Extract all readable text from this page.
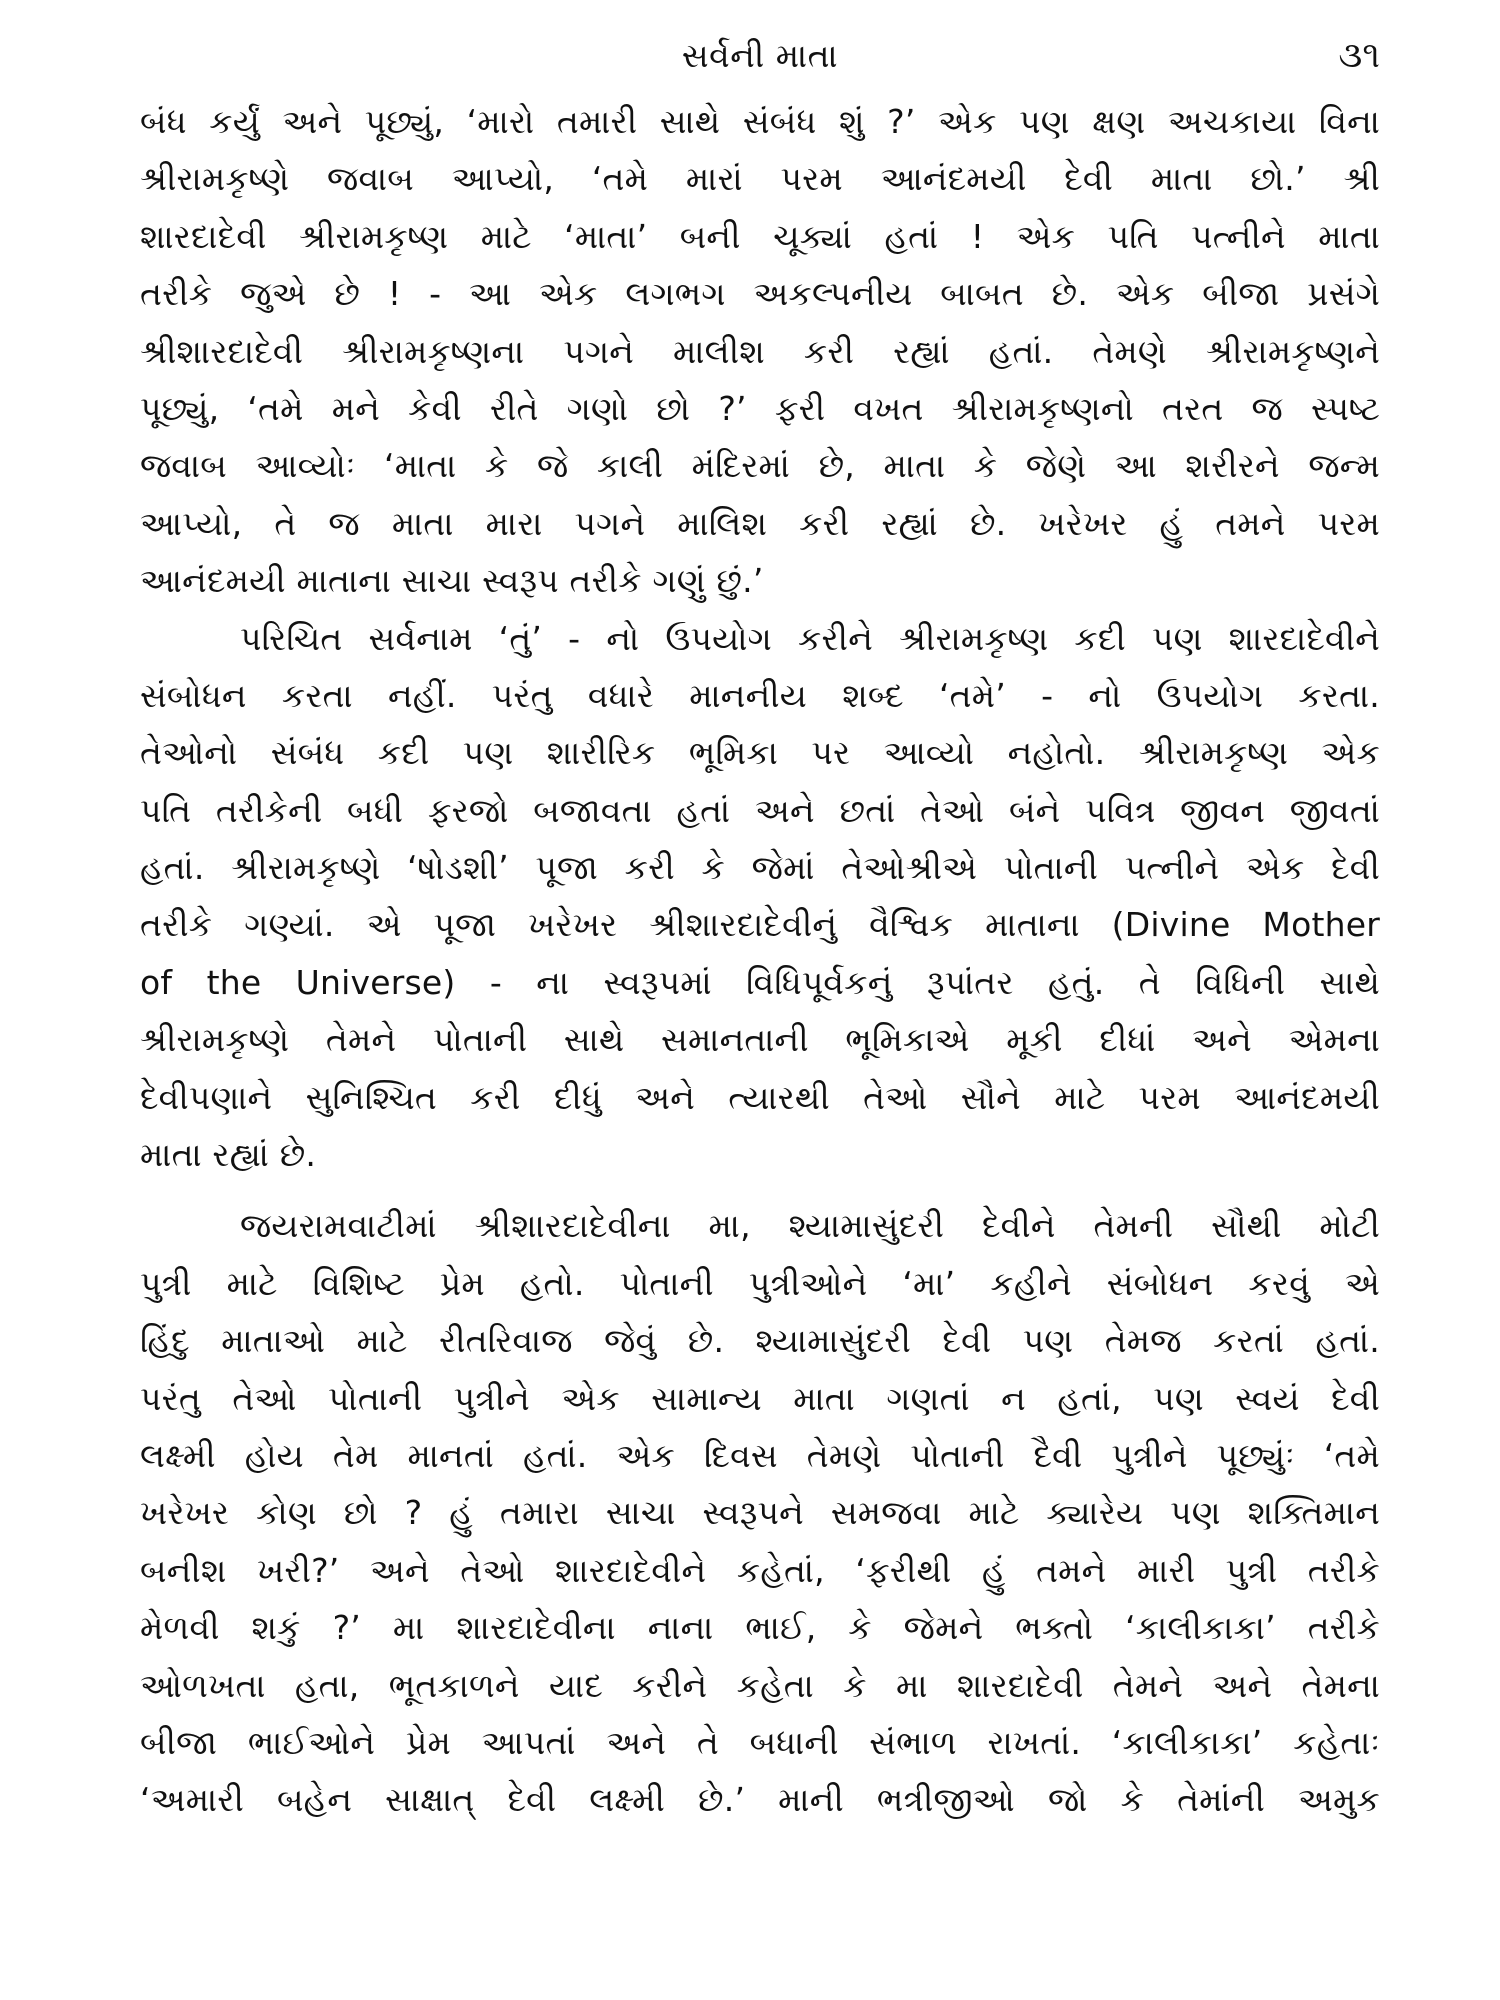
સર્વની માતા	૩૧
બંધ કર્યું અને પૂછ્યું, ‘મારો તમારી સાથે સંબંધ શું ?’ એક પણ ક્ષણ અચકાયા વિના
શ્રીરામકૃષ્ણે જવાબ આપ્યો, ‘તમે મારાં પરમ આનંદમયી દેવી માતા છો.’ શ્રી
શારદાદેવી શ્રીરામકૃષ્ણ માટે ‘માતા’ બની ચૂક્યાં હતાં ! એક પતિ પત્નીને માતા
તરીકે જુએ છે ! - આ એક લગભગ અકલ્પનીય બાબત છે. એક બીજા પ્રસંગે
શ્રીશારદાદેવી શ્રીરામકૃષ્ણના પગને માલીશ કરી રહ્યાં હતાં. તેમણે શ્રીરામકૃષ્ણને
પૂછ્યું, ‘તમે મને કેવી રીતે ગણો છો ?’ ફરી વખત શ્રીરામકૃષ્ણનો તરત જ સ્પષ્ટ
જવાબ આવ્યોઃ ‘માતા કે જે કાલી મંદિરમાં છે, માતા કે જેણે આ શરીરને જન્મ
આપ્યો, તે જ માતા મારા પગને માલિશ કરી રહ્યાં છે. ખરેખર હું તમને પરમ
આનંદમયી માતાના સાચા સ્વરૂપ તરીકે ગણું છું.’
પરિચિત સર્વનામ ‘તું’ - નો ઉપયોગ કરીને શ્રીરામકૃષ્ણ કદી પણ શારદાદેવીને
સંબોધન કરતા નહીં. પરંતુ વધારે માનનીય શબ્દ ‘તમે’ - નો ઉપયોગ કરતા.
તેઓનો સંબંધ કદી પણ શારીરિક ભૂમિકા પર આવ્યો નહોતો. શ્રીરામકૃષ્ણ એક
પતિ તરીકેની બધી ફરજો બજાવતા હતાં અને છતાં તેઓ બંને પવિત્ર જીવન જીવતાં
હતાં. શ્રીરામકૃષ્ણે ‘ષોડશી’ પૂજા કરી કે જેમાં તેઓશ્રીએ પોતાની પત્નીને એક દેવી
તરીકે ગણ્યાં. એ પૂજા ખરેખર શ્રીશારદાદેવીનું વૈશ્વિક માતાના (Divine Mother
of the Universe) - ના સ્વરૂપમાં વિધિપૂર્વકનું રૂપાંતર હતું. તે વિધિની સાથે
શ્રીરામકૃષ્ણે તેમને પોતાની સાથે સમાનતાની ભૂમિકાએ મૂકી દીધાં અને એમના
દેવીપણાને સુનિશ્ચિત કરી દીધું અને ત્યારથી તેઓ સૌને માટે પરમ આનંદમયી
માતા રહ્યાં છે.
જયરામવાટીમાં શ્રીશારદાદેવીના મા, શ્યામાસુંદરી દેવીને તેમની સૌથી મોટી
પુત્રી માટે વિશિષ્ટ પ્રેમ હતો. પોતાની પુત્રીઓને ‘મા’ કહીને સંબોધન કરવું એ
હિંદુ માતાઓ માટે રીતરિવાજ જેવું છે. શ્યામાસુંદરી દેવી પણ તેમજ કરતાં હતાં.
પરંતુ તેઓ પોતાની પુત્રીને એક સામાન્ય માતા ગણતાં ન હતાં, પણ સ્વયં દેવી
લક્ષ્મી હોય તેમ માનતાં હતાં. એક દિવસ તેમણે પોતાની દૈવી પુત્રીને પૂછ્યુંઃ ‘તમે
ખરેખર કોણ છો ? હું તમારા સાચા સ્વરૂપને સમજવા માટે ક્યારેય પણ શક્તિમાન
બનીશ ખરી?’ અને તેઓ શારદાદેવીને કહેતાં, ‘ફરીથી હું તમને મારી પુત્રી તરીકે
મેળવી શકું ?’ મા શારદાદેવીના નાના ભાઈ, કે જેમને ભક્તો ‘કાલીકાકા’ તરીકે
ઓળખતા હતા, ભૂતકાળને યાદ કરીને કહેતા કે મા શારદાદેવી તેમને અને તેમના
બીજા ભાઈઓને પ્રેમ આપતાં અને તે બધાની સંભાળ રાખતાં. ‘કાલીકાકા’ કહેતાઃ
‘અમારી બહેન સાક્ષાત્ દેવી લક્ષ્મી છે.’ માની ભત્રીજીઓ જો કે તેમાંની અમુક
